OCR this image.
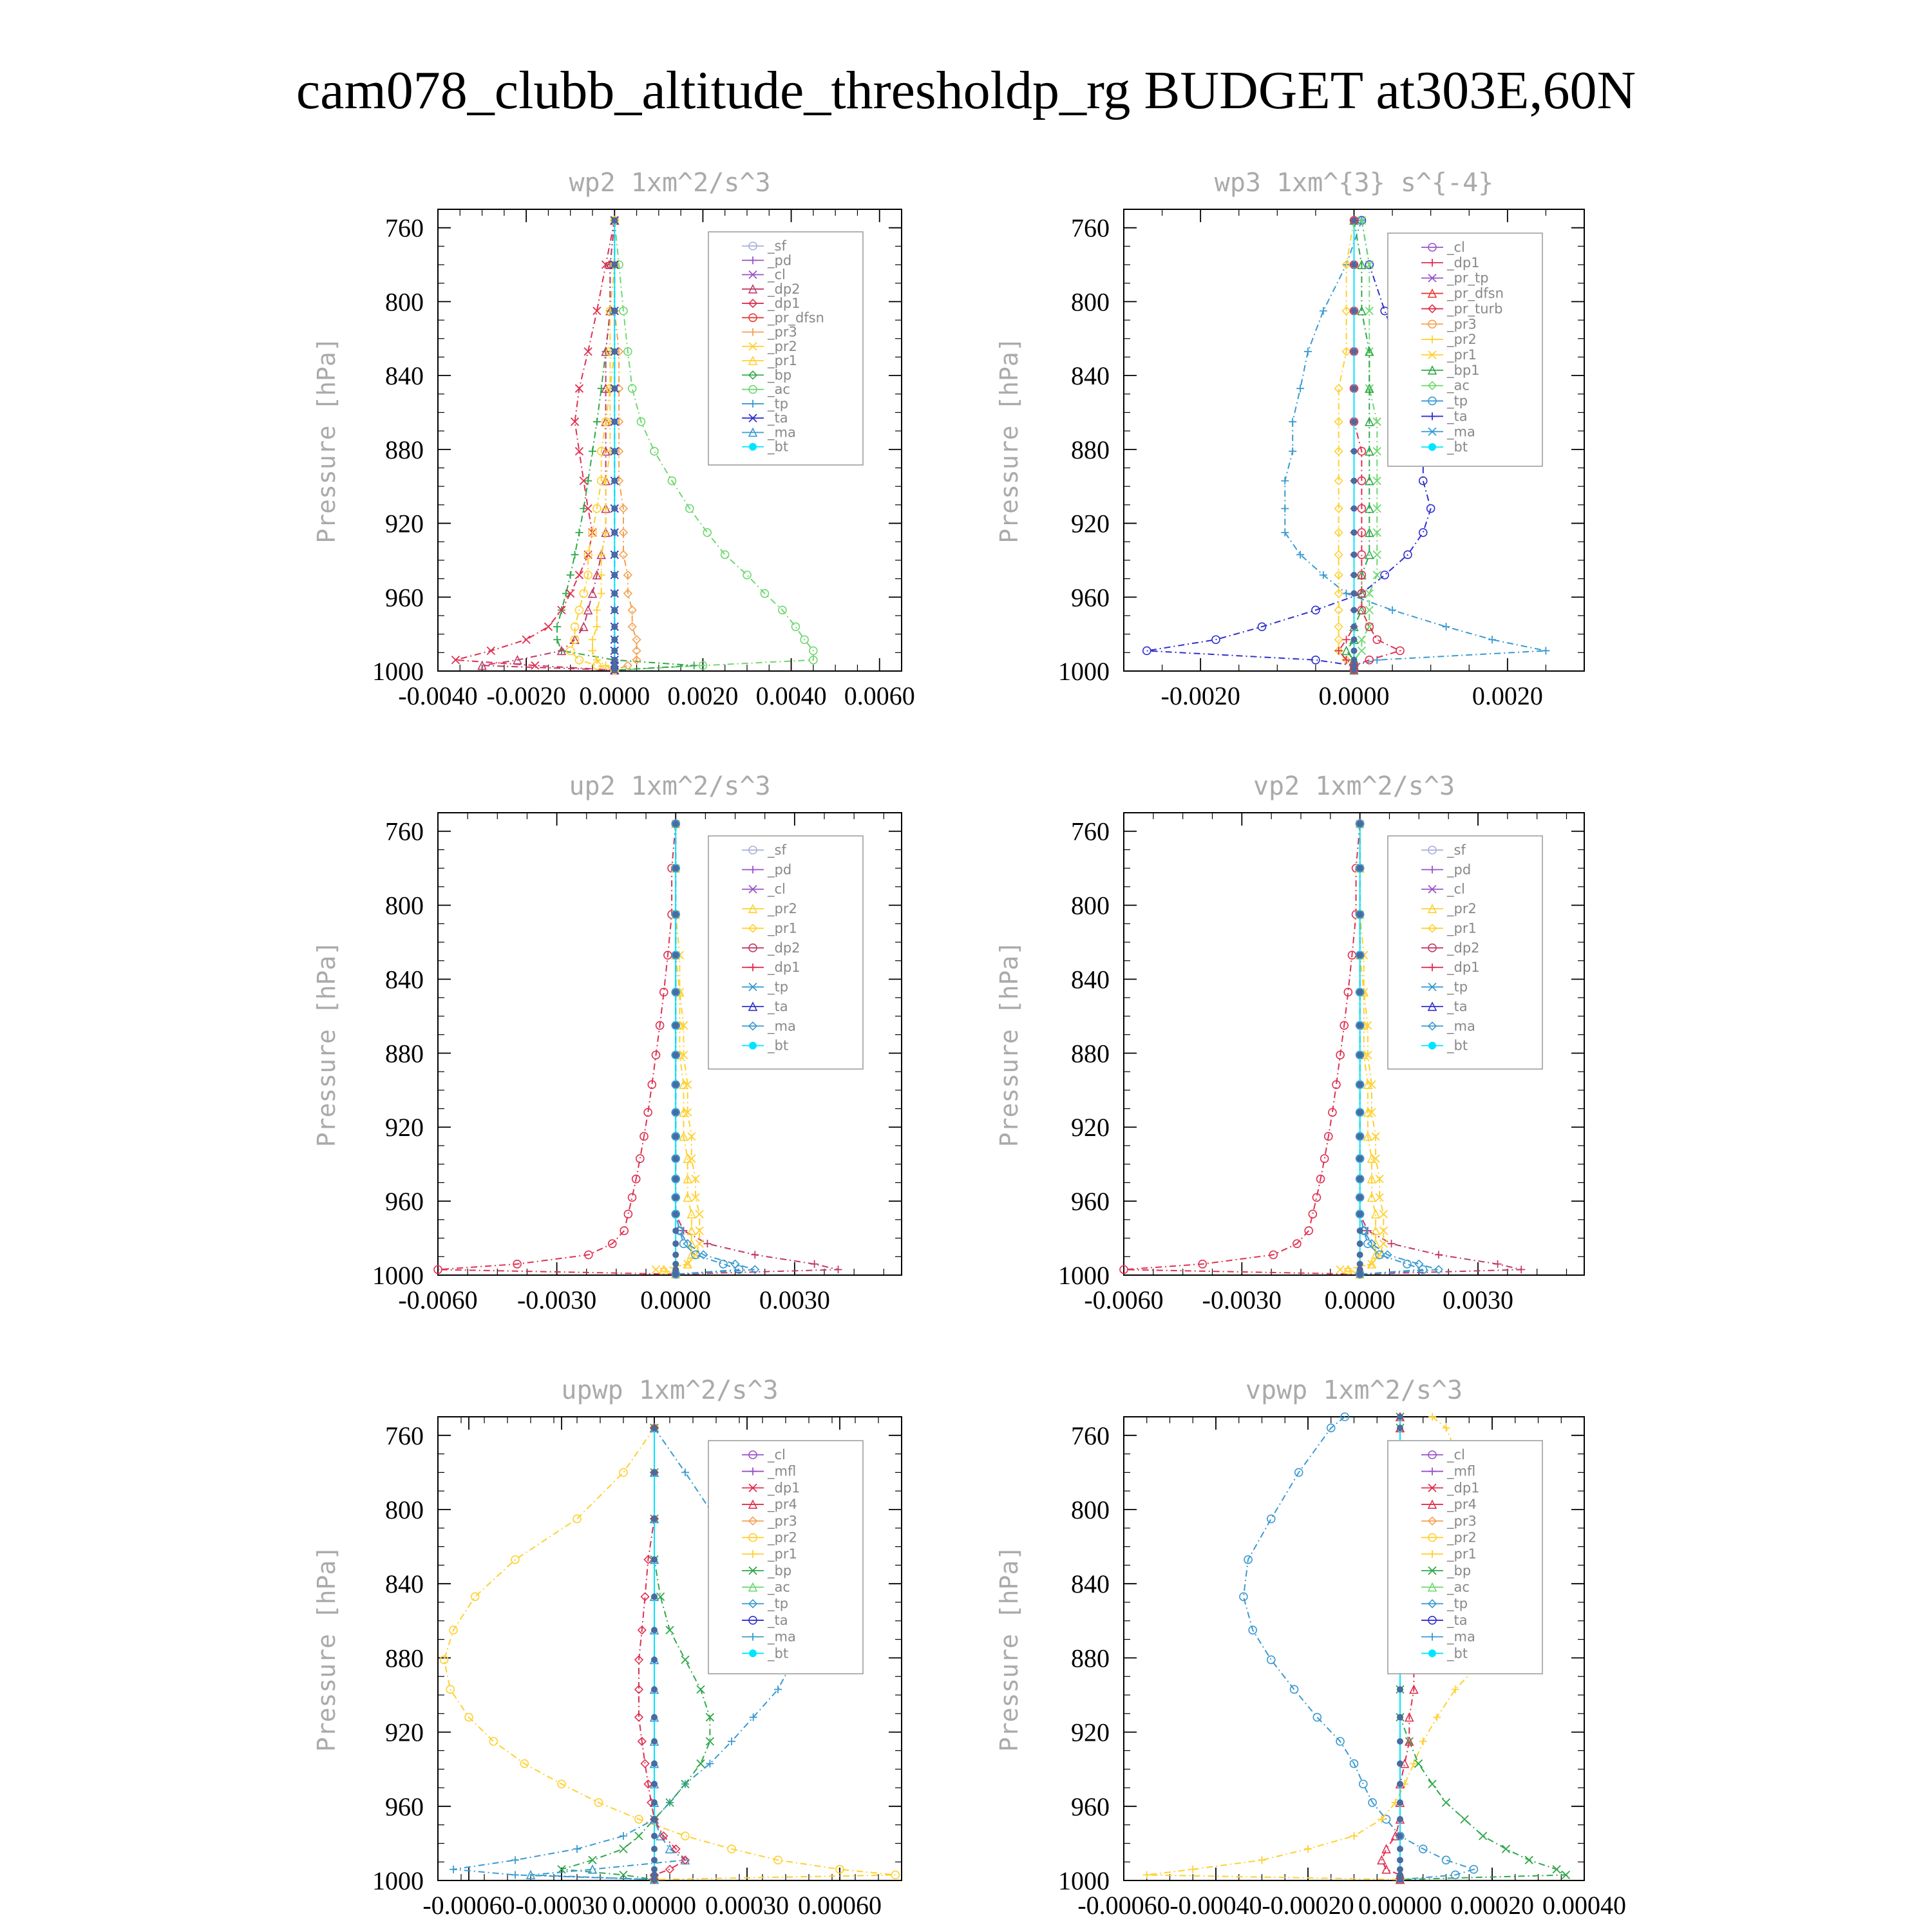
cam078_clubb_altitude_thresholdp_rg BUDGET at303E,60N
wp2 1xm^2/s^3
Pressure [hPa]
760
800
840
880
920
960
1000
-0.0040 -0.0020 0.0000 0.0020 0.0040 0.0060
_sf
_pd
_cl
_dp2
_dp1
_pr_dfsn
_pr3
_pr2
_pr1
_bp
_ac
_tp
_ta
_ma
_bt
wp3 1xm^{3} s^{-4}
Pressure [hPa]
760
800
840
880
920
960
1000
-0.0020	0.0000	0.0020
_cl
_dp1
_pr_tp
_pr_dfsn
_pr_turb
_pr3
_pr2
_pr1
_bp1
_ac
_tp
_ta
_ma
_bt
up2 1xm^2/s^3
Pressure [hPa]
760
800
840
880
920
960
1000
-0.0060 -0.0030 0.0000 0.0030
_sf
_pd
_cl
_pr2
_pr1
_dp2
_dp1
_tp
_ta
_ma
_bt
vp2 1xm^2/s^3
Pressure [hPa]
760
800
840
880
920
960
1000
-0.0060 -0.0030 0.0000 0.0030
_sf
_pd
_cl
_pr2
_pr1
_dp2
_dp1
_tp
_ta
_ma
_bt
upwp 1xm^2/s^3
Pressure [hPa]
760
800
840
880
920
960
1000
-0.00060 -0.00030 0.00000 0.00030 0.00060
_cl
_mfl
_dp1
_pr4
_pr3
_pr2
_pr1
_bp
_ac
_tp
_ta
_ma
_bt
vpwp 1xm^2/s^3
Pressure [hPa]
760
800
840
880
920
960
1000
-0.00060 -0.00040 -0.00020 0.00000 0.00020 0.00040
_cl
_mfl
_dp1
_pr4
_pr3
_pr2
_pr1
_bp
_ac
_tp
_ta
_ma
_bt
